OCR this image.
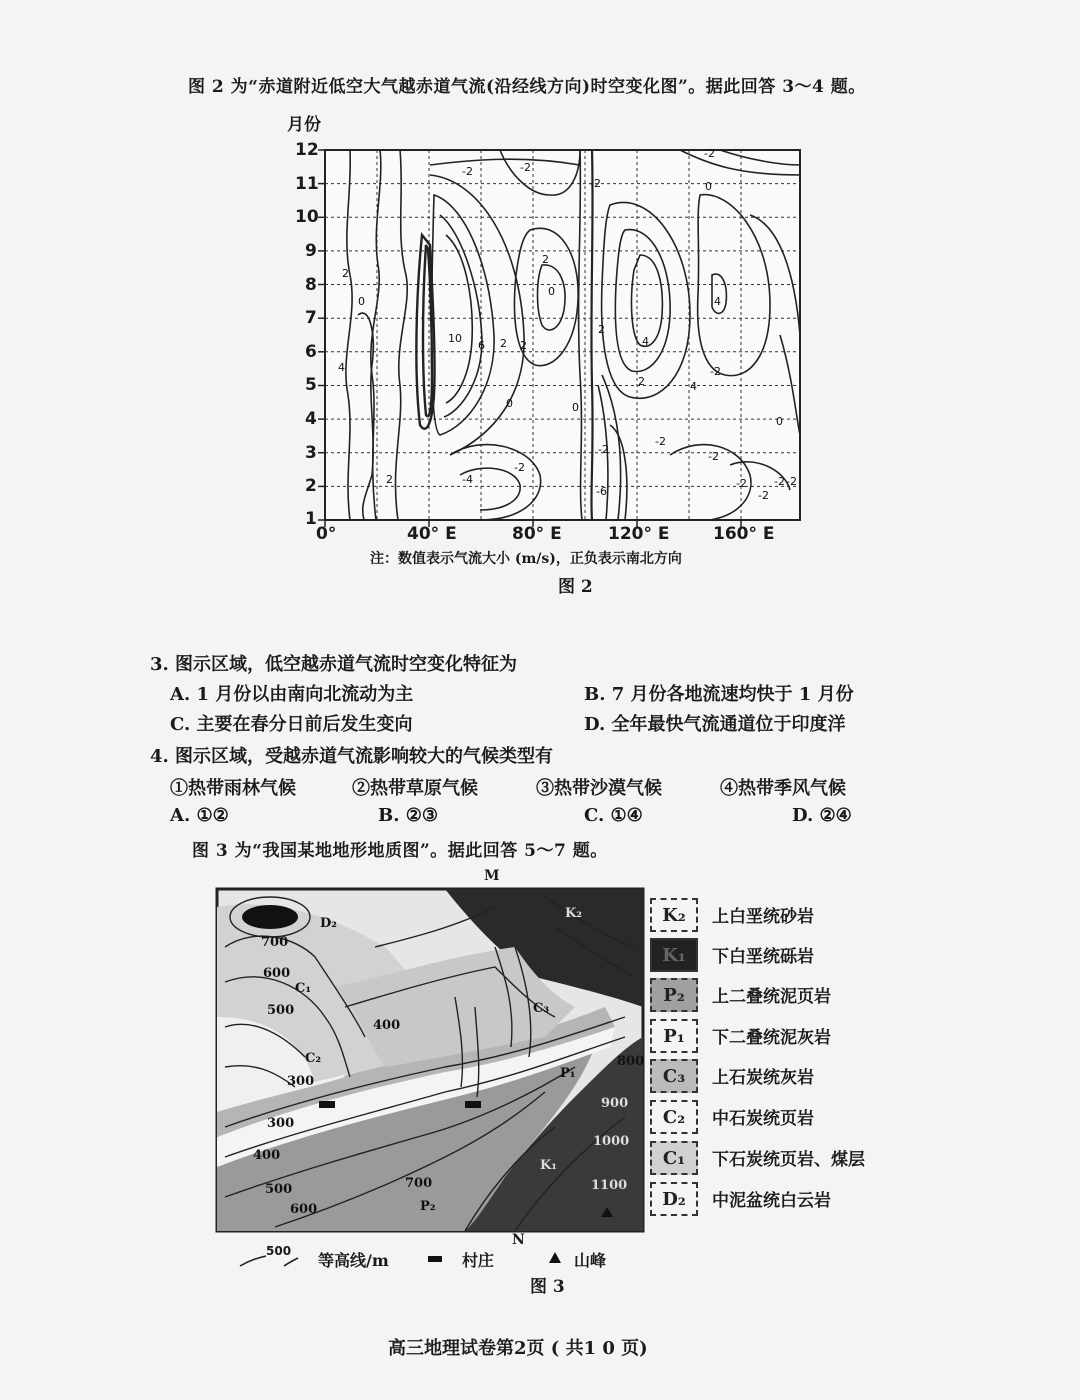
图 2 为“赤道附近低空大气越赤道气流(沿经线方向)时空变化图”。据此回答 3～4 题。
月份
-2	-2
-2
-2
0
2
0
4
10
6 2 2
0
4
2
0	0
2
4
-2
4
-2
0
-2
-2
-2
-4
-6
2	-2
-2	-2
-2
2
12
11
10
9
8
7
6
5
4
3
2
1
0°	40° E	80° E	120° E	160° E
注：数值表示气流大小 (m/s)，正负表示南北方向
图 2
3. 图示区域，低空越赤道气流时空变化特征为
A. 1 月份以由南向北流动为主	B. 7 月份各地流速均快于 1 月份
C. 主要在春分日前后发生变向	D. 全年最快气流通道位于印度洋
4. 图示区域，受越赤道气流影响较大的气候类型有
①热带雨林气候	②热带草原气候	③热带沙漠气候	④热带季风气候
A. ①②	B. ②③	C. ①④	D. ②④
图 3 为“我国某地地形地质图”。据此回答 5～7 题。
M
D₂
700
600
C₁
500
400
C₂
300
300
400
500
600
700
P₂
P₁
800
900
1000
1100
C₃
K₁
K₂
N
K₂	上白垩统砂岩
K₁	下白垩统砾岩
P₂	上二叠统泥页岩
P₁	下二叠统泥灰岩
C₃	上石炭统灰岩
C₂	中石炭统页岩
C₁	下石炭统页岩、煤层
D₂	中泥盆统白云岩
500 等高线/m	村庄	山峰
图 3
高三地理试卷第2页 ( 共1 0 页)
